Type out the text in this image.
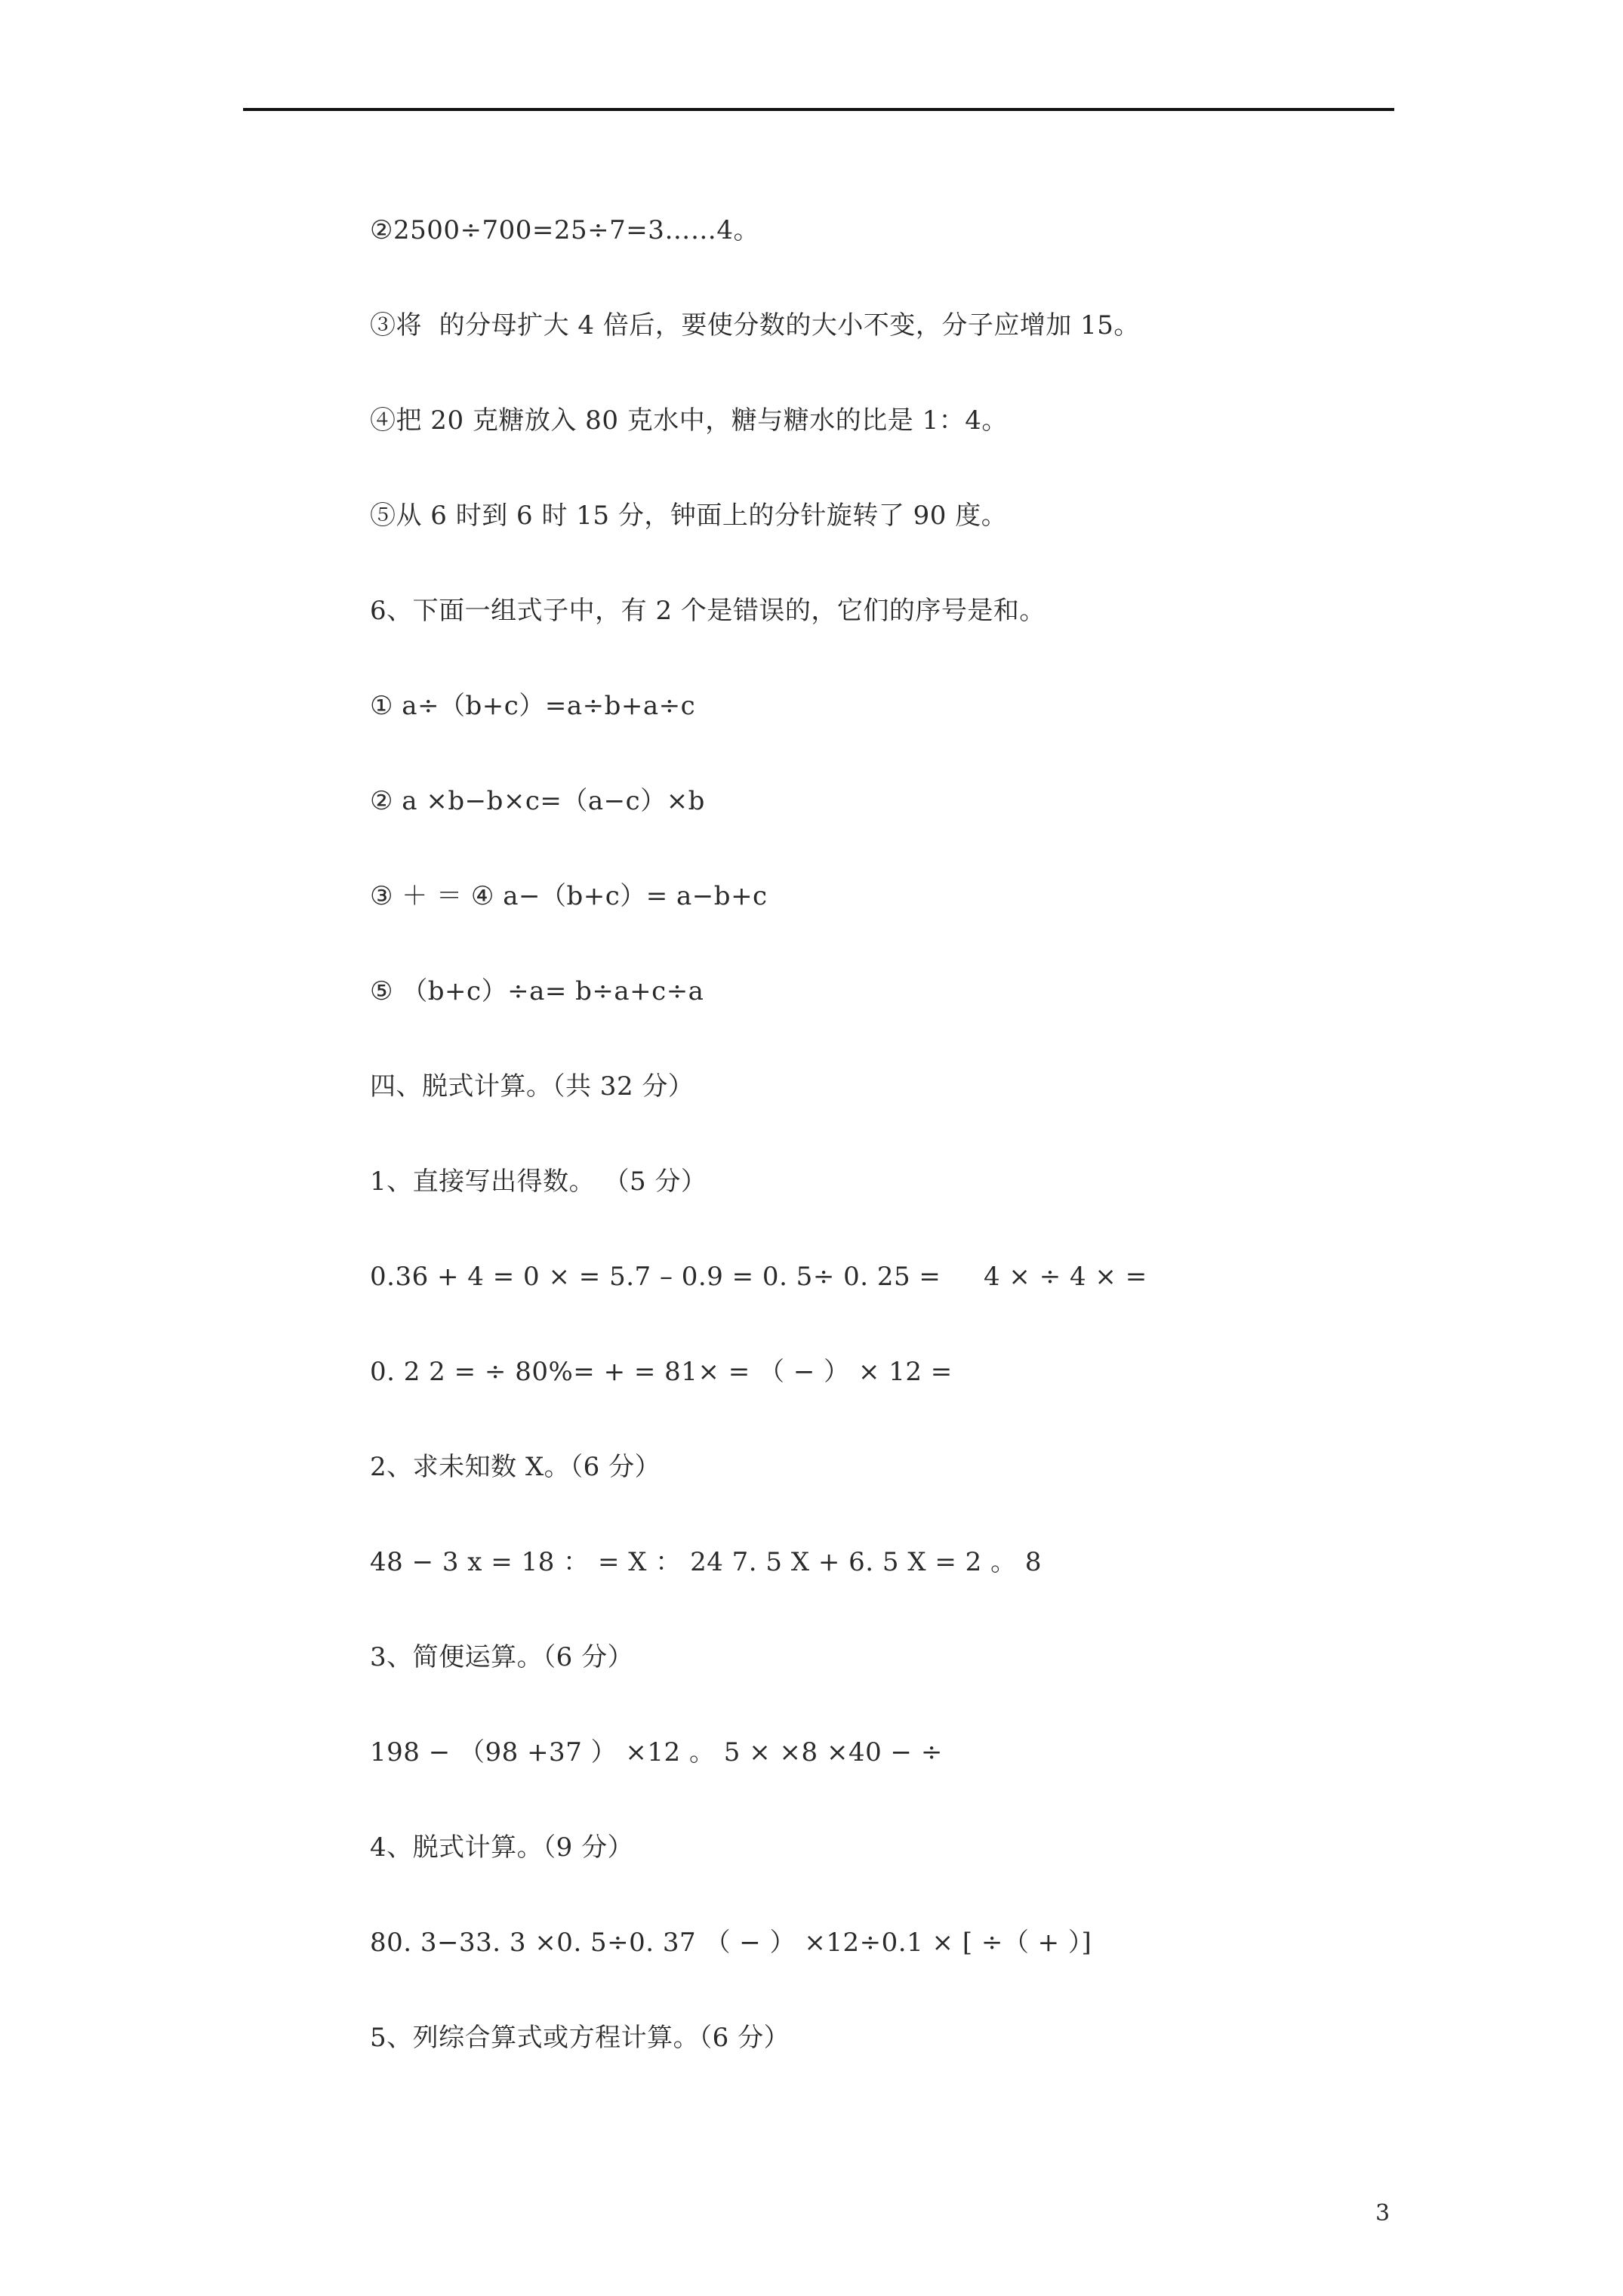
②2500÷700=25÷7=3……4。
③将  的分母扩大 4 倍后，要使分数的大小不变，分子应增加 15。
④把 20 克糖放入 80 克水中，糖与糖水的比是 1：4。
⑤从 6 时到 6 时 15 分，钟面上的分针旋转了 90 度。
6、下面一组式子中，有 2 个是错误的，它们的序号是和。
① a÷（b+c）=a÷b+a÷c
② a ×b−b×c=（a−c）×b
③ ＋ ＝ ④ a−（b+c）= a−b+c
⑤ （b+c）÷a= b÷a+c÷a
四、脱式计算。（共 32 分）
1、直接写出得数。 （5 分）
0.36 + 4 = 0 × = 5.7 – 0.9 = 0. 5÷ 0. 25 =     4 × ÷ 4 × =
0. 2 2 = ÷ 80%= + = 81× = （ − ） × 12 =
2、求未知数 X。（6 分）
48 − 3 x = 18 ： = X ： 24 7. 5 X + 6. 5 X = 2 。 8
3、简便运算。（6 分）
198 − （98 +37 ） ×12 。 5 × ×8 ×40 − ÷
4、脱式计算。（9 分）
80. 3−33. 3 ×0. 5÷0. 37 （ − ） ×12÷0.1 × [ ÷（ + ）]
5、列综合算式或方程计算。（6 分）
3
